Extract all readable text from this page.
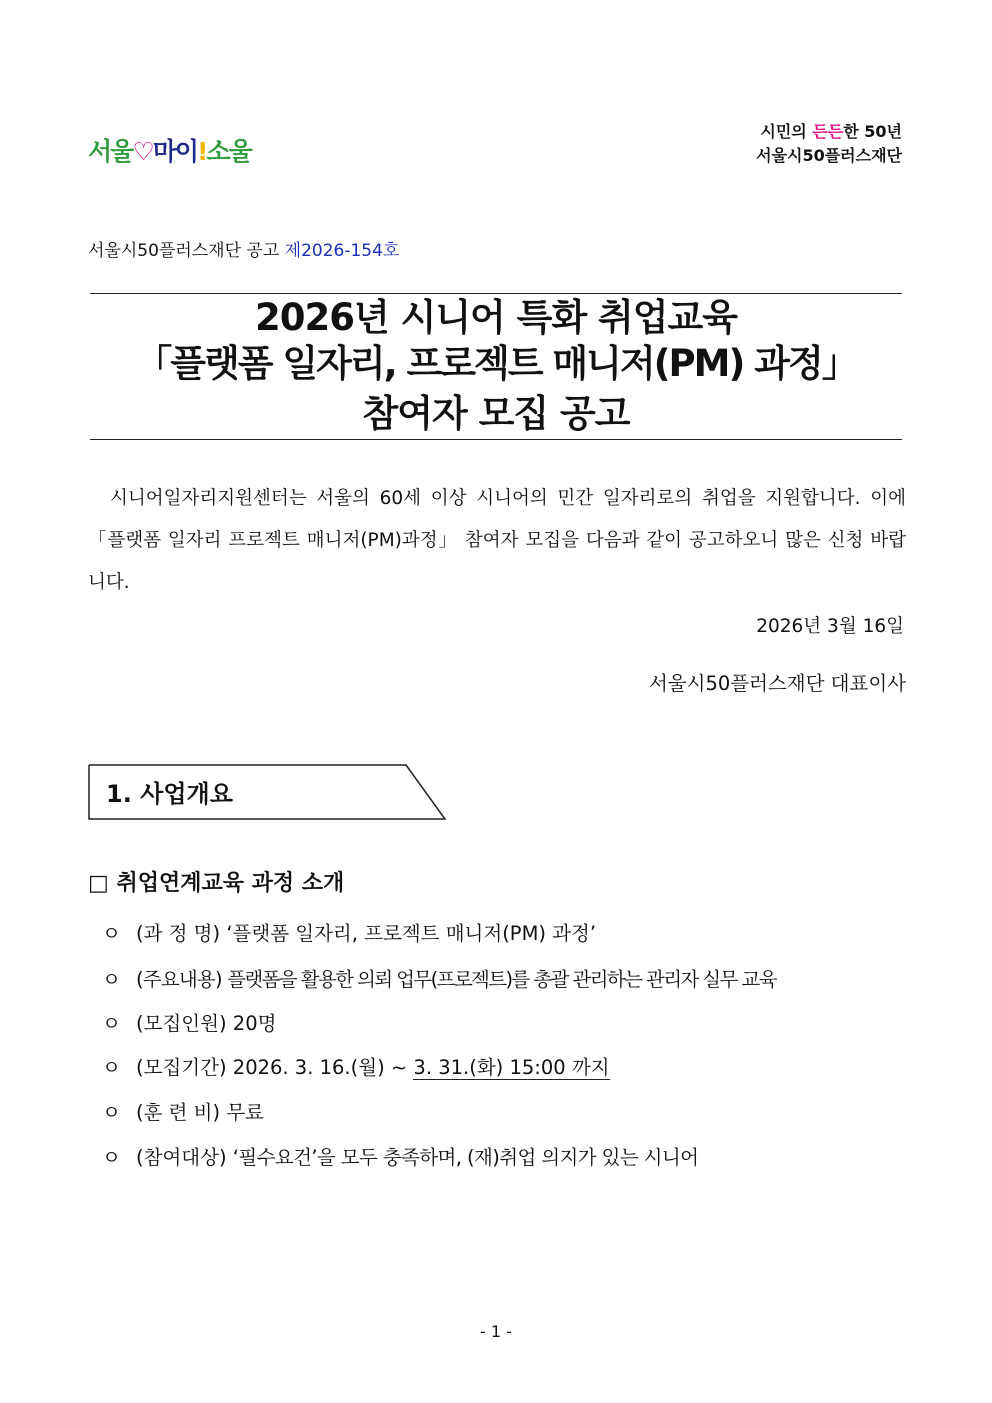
서울♡마이!소울
시민의 든든한 50년
서울시50플러스재단
서울시50플러스재단 공고 제2026-154호
2026년 시니어 특화 취업교육
「플랫폼 일자리, 프로젝트 매니저(PM) 과정」
참여자 모집 공고
시니어일자리지원센터는 서울의 60세 이상 시니어의 민간 일자리로의 취업을 지원합니다. 이에 「플랫폼 일자리 프로젝트 매니저(PM)과정」 참여자 모집을 다음과 같이 공고하오니 많은 신청 바랍니다.
2026년 3월 16일
서울시50플러스재단 대표이사
1. 사업개요
□ 취업연계교육 과정 소개
ㅇ (과 정 명) ‘플랫폼 일자리, 프로젝트 매니저(PM) 과정’
ㅇ (주요내용) 플랫폼을 활용한 의뢰 업무(프로젝트)를 총괄 관리하는 관리자 실무 교육
ㅇ (모집인원) 20명
ㅇ (모집기간) 2026. 3. 16.(월) ~ 3. 31.(화) 15:00 까지
ㅇ (훈 련 비) 무료
ㅇ (참여대상) ‘필수요건’을 모두 충족하며, (재)취업 의지가 있는 시니어
- 1 -
